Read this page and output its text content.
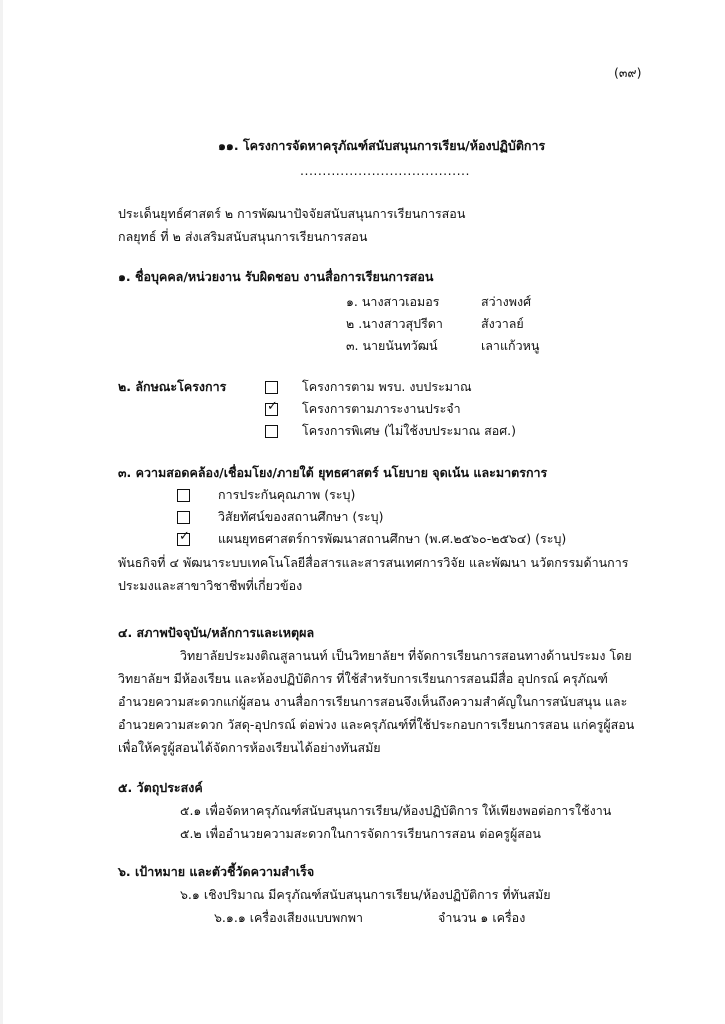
(๓๙)
๑๑. โครงการจัดหาครุภัณฑ์สนับสนุนการเรียน/ห้องปฏิบัติการ
......................................
ประเด็นยุทธ์ศาสตร์ ๒ การพัฒนาปัจจัยสนับสนุนการเรียนการสอน
กลยุทธ์ ที่ ๒ ส่งเสริมสนับสนุนการเรียนการสอน
๑. ชื่อบุคคล/หน่วยงาน รับผิดชอบ งานสื่อการเรียนการสอน
๑. นางสาวเอมอร	สว่างพงศ์
๒ .นางสาวสุปรีดา	สังวาลย์
๓. นายนันทวัฒน์	เลาแก้วหนู
๒. ลักษณะโครงการ	โครงการตาม พรบ. งบประมาณ
✓ โครงการตามภาระงานประจำ
โครงการพิเศษ (ไม่ใช้งบประมาณ สอศ.)
๓. ความสอดคล้อง/เชื่อมโยง/ภายใต้ ยุทธศาสตร์ นโยบาย จุดเน้น และมาตรการ
การประกันคุณภาพ (ระบุ)
วิสัยทัศน์ของสถานศึกษา (ระบุ)
✓ แผนยุทธศาสตร์การพัฒนาสถานศึกษา (พ.ศ.๒๕๖๐-๒๕๖๔) (ระบุ)
พันธกิจที่ ๔ พัฒนาระบบเทคโนโลยีสื่อสารและสารสนเทศการวิจัย และพัฒนา นวัตกรรมด้านการ
ประมงและสาขาวิชาชีพที่เกี่ยวข้อง
๔. สภาพปัจจุบัน/หลักการและเหตุผล
วิทยาลัยประมงติณสูลานนท์ เป็นวิทยาลัยฯ ที่จัดการเรียนการสอนทางด้านประมง โดย
วิทยาลัยฯ มีห้องเรียน และห้องปฏิบัติการ ที่ใช้สำหรับการเรียนการสอนมีสื่อ อุปกรณ์ ครุภัณฑ์
อำนวยความสะดวกแก่ผู้สอน งานสื่อการเรียนการสอนจึงเห็นถึงความสำคัญในการสนับสนุน และ
อำนวยความสะดวก วัสดุ-อุปกรณ์ ต่อพ่วง และครุภัณฑ์ที่ใช้ประกอบการเรียนการสอน แก่ครูผู้สอน
เพื่อให้ครูผู้สอนได้จัดการห้องเรียนได้อย่างทันสมัย
๕. วัตถุประสงค์
๕.๑ เพื่อจัดหาครุภัณฑ์สนับสนุนการเรียน/ห้องปฏิบัติการ ให้เพียงพอต่อการใช้งาน
๕.๒ เพื่ออำนวยความสะดวกในการจัดการเรียนการสอน ต่อครูผู้สอน
๖. เป้าหมาย และตัวชี้วัดความสำเร็จ
๖.๑ เชิงปริมาณ มีครุภัณฑ์สนับสนุนการเรียน/ห้องปฏิบัติการ ที่ทันสมัย
๖.๑.๑ เครื่องเสียงแบบพกพา	จำนวน ๑ เครื่อง
